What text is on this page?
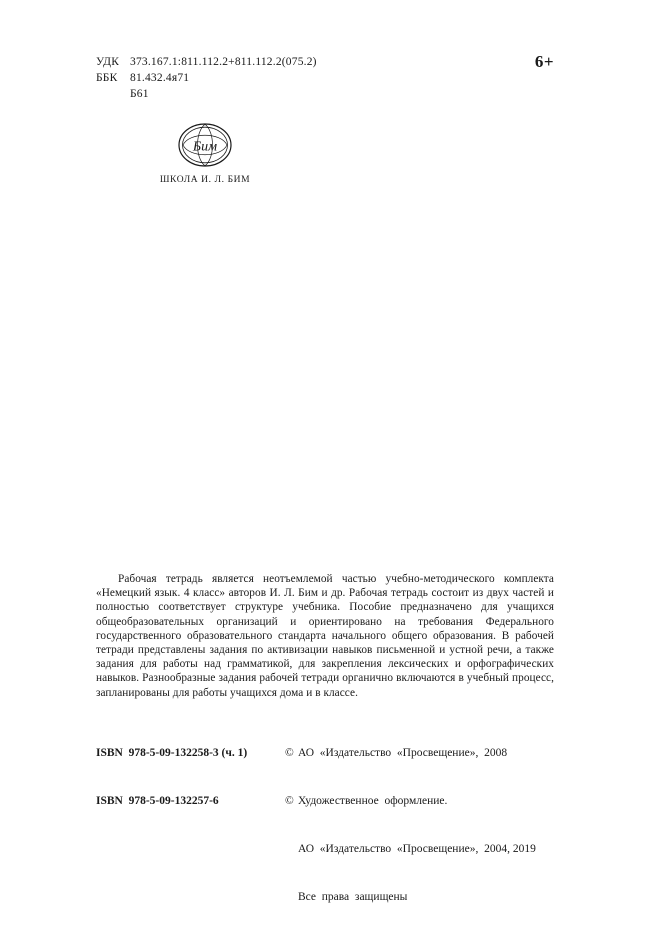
УДК 373.167.1:811.112.2+811.112.2(075.2)
ББК 81.432.4я71
Б61
6+
Бим
ШКОЛА И. Л. БИМ
Рабочая тетрадь является неотъемлемой частью учебно-методического комплекта «Немецкий язык. 4 класс» авторов И. Л. Бим и др. Рабочая тетрадь состоит из двух частей и полностью соответствует структуре учебника. Пособие предназначено для учащихся общеобразовательных организаций и ориентировано на требования Федерального государственного образовательного стандарта начального общего образования. В рабочей тетради представлены задания по активизации навыков письменной и устной речи, а также задания для работы над грамматикой, для закрепления лексических и орфографических навыков. Разнообразные задания рабочей тетради органично включаются в учебный процесс, запланированы для работы учащихся дома и в классе.

ISBN  978-5-09-132258-3 (ч. 1)

ISBN  978-5-09-132257-6

© АО  «Издательство  «Просвещение»,  2008

© Художественное  оформление.

АО  «Издательство  «Просвещение»,  2004, 2019

Все  права  защищены
